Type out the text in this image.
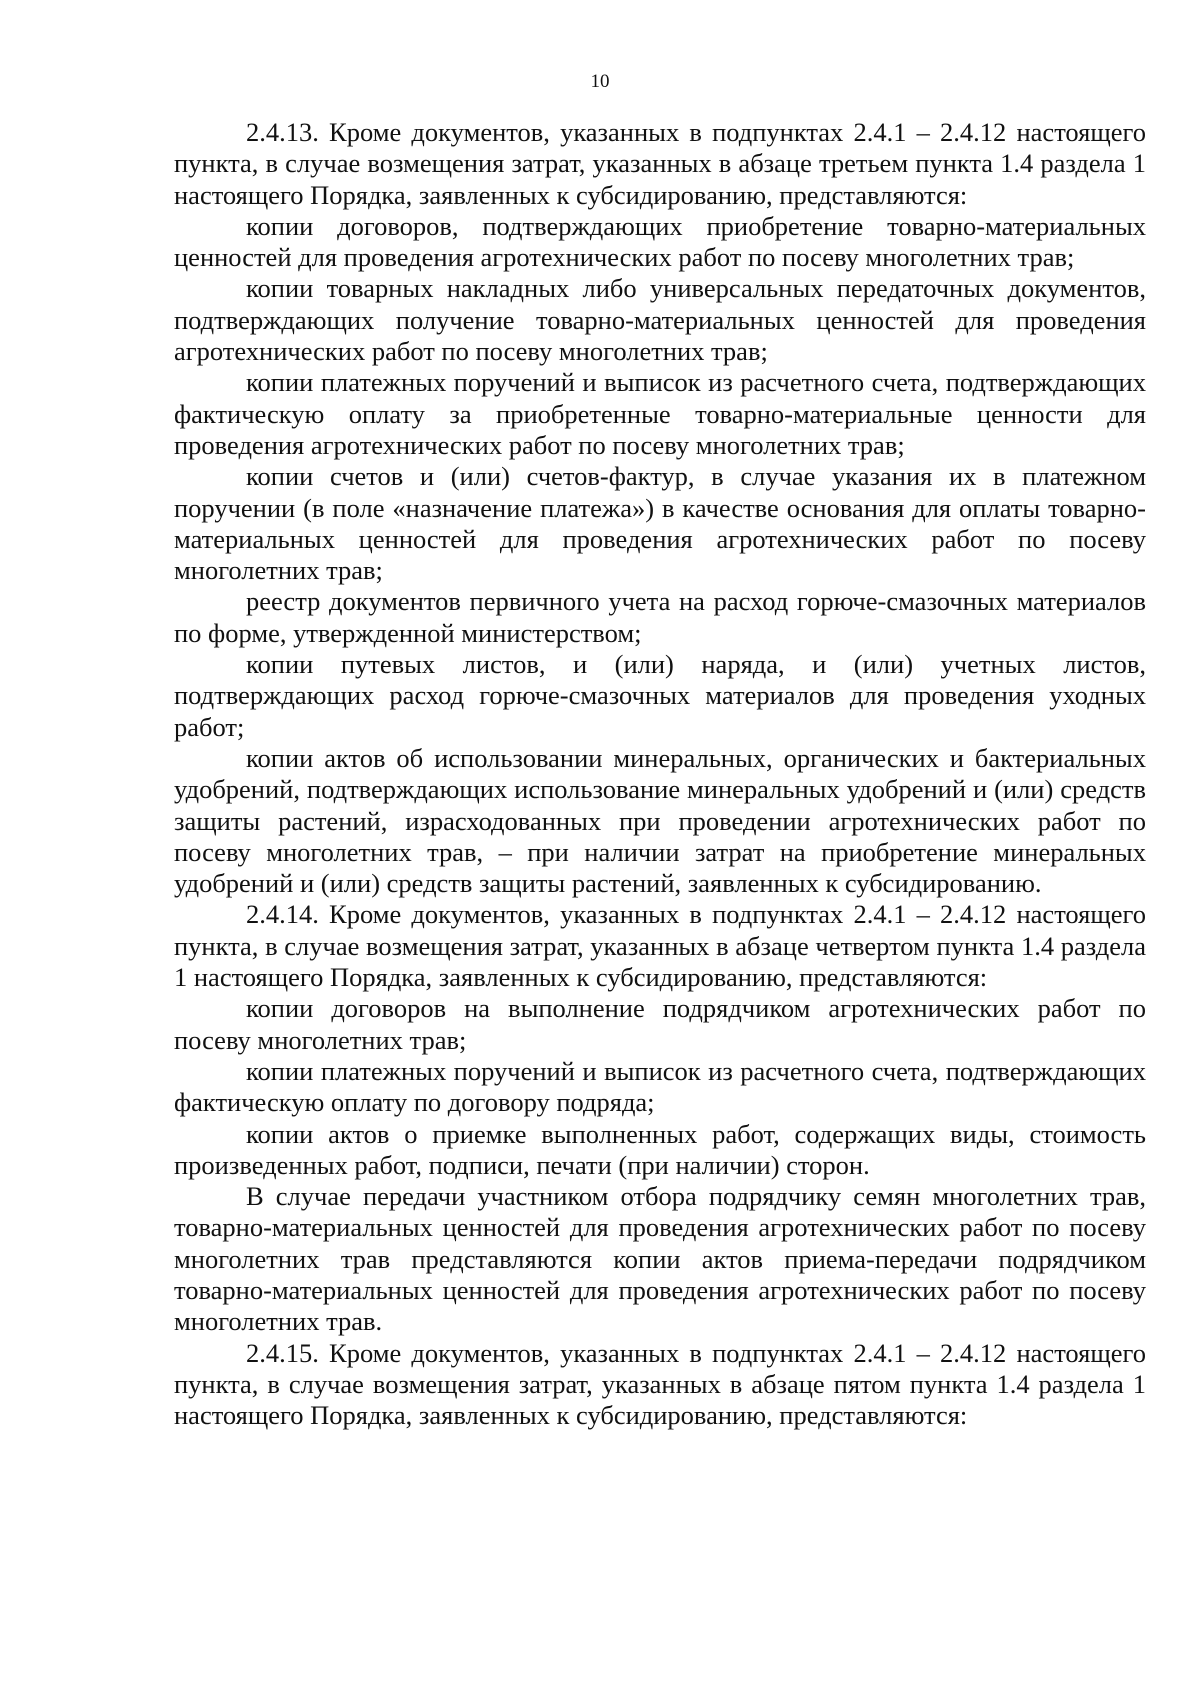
10

2.4.13. Кроме документов, указанных в подпунктах 2.4.1 – 2.4.12 настоящего пункта, в случае возмещения затрат, указанных в абзаце третьем пункта 1.4 раздела 1 настоящего Порядка, заявленных к субсидированию, представляются:

копии договоров, подтверждающих приобретение товарно-материальных ценностей для проведения агротехнических работ по посеву многолетних трав;

копии товарных накладных либо универсальных передаточных документов, подтверждающих получение товарно-материальных ценностей для проведения агротехнических работ по посеву многолетних трав;

копии платежных поручений и выписок из расчетного счета, подтверждающих фактическую оплату за приобретенные товарно-материальные ценности для проведения агротехнических работ по посеву многолетних трав;

копии счетов и (или) счетов-фактур, в случае указания их в платежном поручении (в поле «назначение платежа») в качестве основания для оплаты товарно-материальных ценностей для проведения агротехнических работ по посеву многолетних трав;

реестр документов первичного учета на расход горюче-смазочных материалов по форме, утвержденной министерством;

копии путевых листов, и (или) наряда, и (или) учетных листов, подтверждающих расход горюче-смазочных материалов для проведения уходных работ;

копии актов об использовании минеральных, органических и бактериальных удобрений, подтверждающих использование минеральных удобрений и (или) средств защиты растений, израсходованных при проведении агротехнических работ по посеву многолетних трав, – при наличии затрат на приобретение минеральных удобрений и (или) средств защиты растений, заявленных к субсидированию.

2.4.14. Кроме документов, указанных в подпунктах 2.4.1 – 2.4.12 настоящего пункта, в случае возмещения затрат, указанных в абзаце четвертом пункта 1.4 раздела 1 настоящего Порядка, заявленных к субсидированию, представляются:

копии договоров на выполнение подрядчиком агротехнических работ по посеву многолетних трав;

копии платежных поручений и выписок из расчетного счета, подтверждающих фактическую оплату по договору подряда;

копии актов о приемке выполненных работ, содержащих виды, стоимость произведенных работ, подписи, печати (при наличии) сторон.

В случае передачи участником отбора подрядчику семян многолетних трав, товарно-материальных ценностей для проведения агротехнических работ по посеву многолетних трав представляются копии актов приема-передачи подрядчиком товарно-материальных ценностей для проведения агротехнических работ по посеву многолетних трав.

2.4.15. Кроме документов, указанных в подпунктах 2.4.1 – 2.4.12 настоящего пункта, в случае возмещения затрат, указанных в абзаце пятом пункта 1.4 раздела 1 настоящего Порядка, заявленных к субсидированию, представляются:
